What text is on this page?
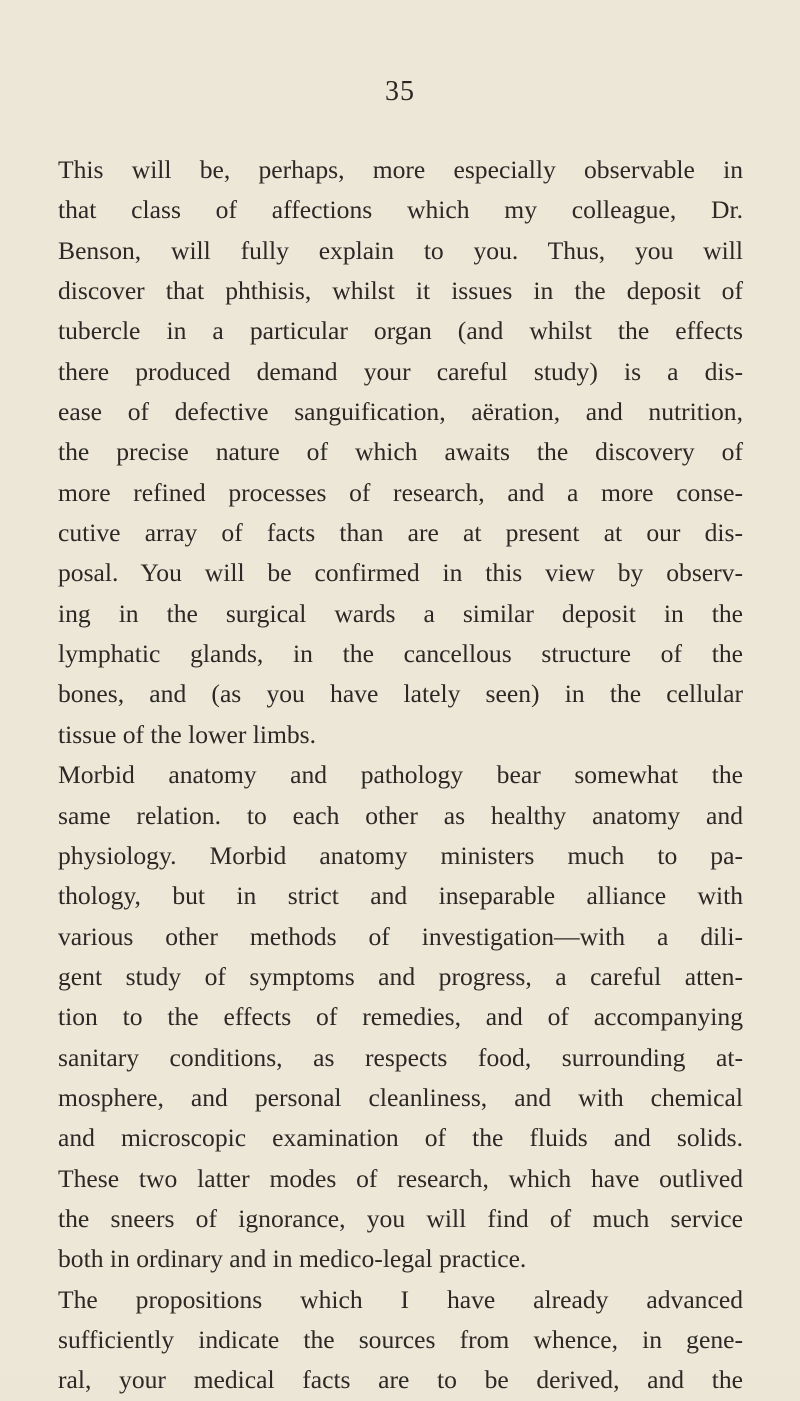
35
This will be, perhaps, more especially observable in
that class of affections which my colleague, Dr.
Benson, will fully explain to you. Thus, you will
discover that phthisis, whilst it issues in the deposit of
tubercle in a particular organ (and whilst the effects
there produced demand your careful study) is a dis-
ease of defective sanguification, aëration, and nutrition,
the precise nature of which awaits the discovery of
more refined processes of research, and a more conse-
cutive array of facts than are at present at our dis-
posal. You will be confirmed in this view by observ-
ing in the surgical wards a similar deposit in the
lymphatic glands, in the cancellous structure of the
bones, and (as you have lately seen) in the cellular
tissue of the lower limbs.
Morbid anatomy and pathology bear somewhat the
same relation. to each other as healthy anatomy and
physiology. Morbid anatomy ministers much to pa-
thology, but in strict and inseparable alliance with
various other methods of investigation—with a dili-
gent study of symptoms and progress, a careful atten-
tion to the effects of remedies, and of accompanying
sanitary conditions, as respects food, surrounding at-
mosphere, and personal cleanliness, and with chemical
and microscopic examination of the fluids and solids.
These two latter modes of research, which have outlived
the sneers of ignorance, you will find of much service
both in ordinary and in medico-legal practice.
The propositions which I have already advanced
sufficiently indicate the sources from whence, in gene-
ral, your medical facts are to be derived, and the
